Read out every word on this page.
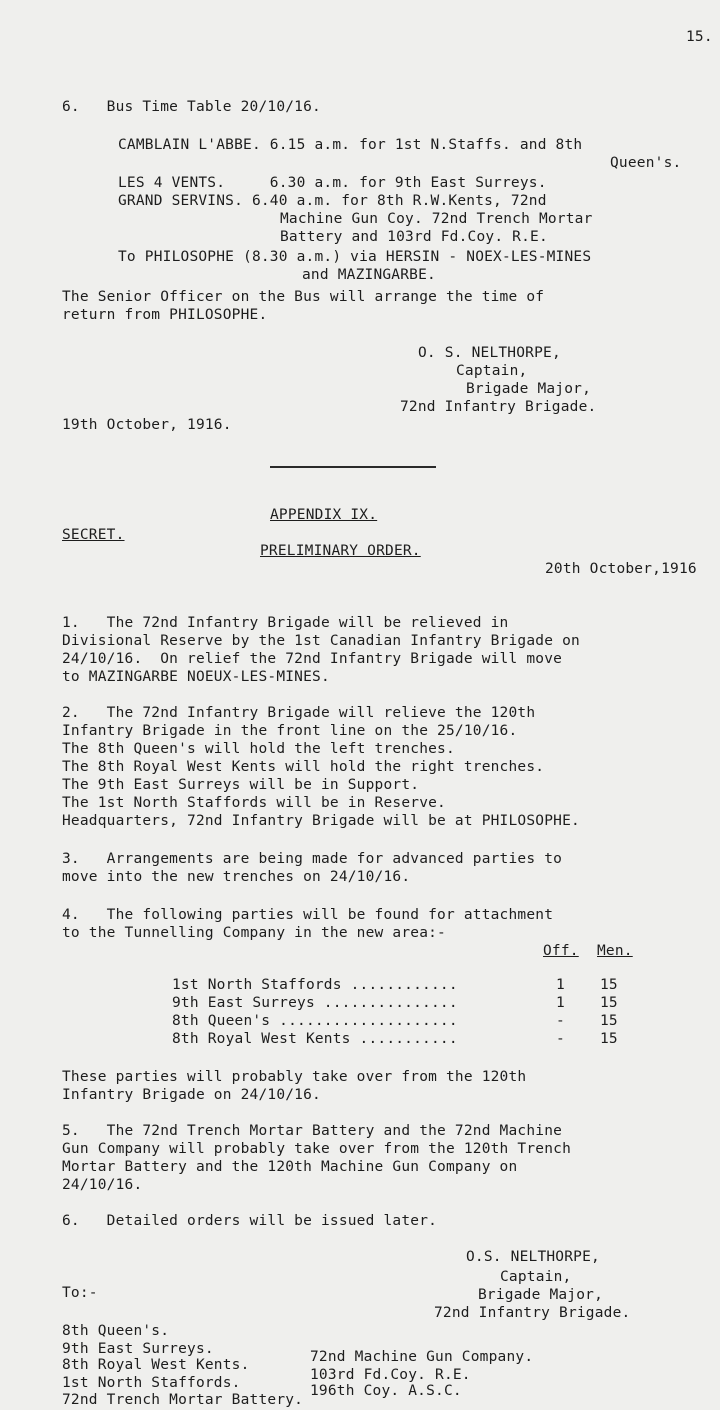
15.
6.   Bus Time Table 20/10/16.
CAMBLAIN L'ABBE. 6.15 a.m. for 1st N.Staffs. and 8th
Queen's.
LES 4 VENTS.     6.30 a.m. for 9th East Surreys.
GRAND SERVINS. 6.40 a.m. for 8th R.W.Kents, 72nd
Machine Gun Coy. 72nd Trench Mortar
Battery and 103rd Fd.Coy. R.E.
To PHILOSOPHE (8.30 a.m.) via HERSIN - NOEX-LES-MINES
and MAZINGARBE.
The Senior Officer on the Bus will arrange the time of
return from PHILOSOPHE.
O. S. NELTHORPE,
Captain,
Brigade Major,
72nd Infantry Brigade.
19th October, 1916.
APPENDIX IX.
SECRET.
PRELIMINARY ORDER.
20th October,1916
1.   The 72nd Infantry Brigade will be relieved in
Divisional Reserve by the 1st Canadian Infantry Brigade on
24/10/16.  On relief the 72nd Infantry Brigade will move
to MAZINGARBE NOEUX-LES-MINES.
2.   The 72nd Infantry Brigade will relieve the 120th
Infantry Brigade in the front line on the 25/10/16.
The 8th Queen's will hold the left trenches.
The 8th Royal West Kents will hold the right trenches.
The 9th East Surreys will be in Support.
The 1st North Staffords will be in Reserve.
Headquarters, 72nd Infantry Brigade will be at PHILOSOPHE.
3.   Arrangements are being made for advanced parties to
move into the new trenches on 24/10/16.
4.   The following parties will be found for attachment
to the Tunnelling Company in the new area:-
Off. Men.
1st North Staffords ............	1 15
9th East Surreys ...............	1 15
8th Queen's ....................	- 15
8th Royal West Kents ...........	- 15
These parties will probably take over from the 120th
Infantry Brigade on 24/10/16.
5.   The 72nd Trench Mortar Battery and the 72nd Machine
Gun Company will probably take over from the 120th Trench
Mortar Battery and the 120th Machine Gun Company on
24/10/16.
6.   Detailed orders will be issued later.
O.S. NELTHORPE,
Captain,
Brigade Major,
72nd Infantry Brigade.
To:-
8th Queen's.
9th East Surreys.
8th Royal West Kents.
1st North Staffords.
72nd Trench Mortar Battery.
72nd Machine Gun Company.
103rd Fd.Coy. R.E.
196th Coy. A.S.C.
